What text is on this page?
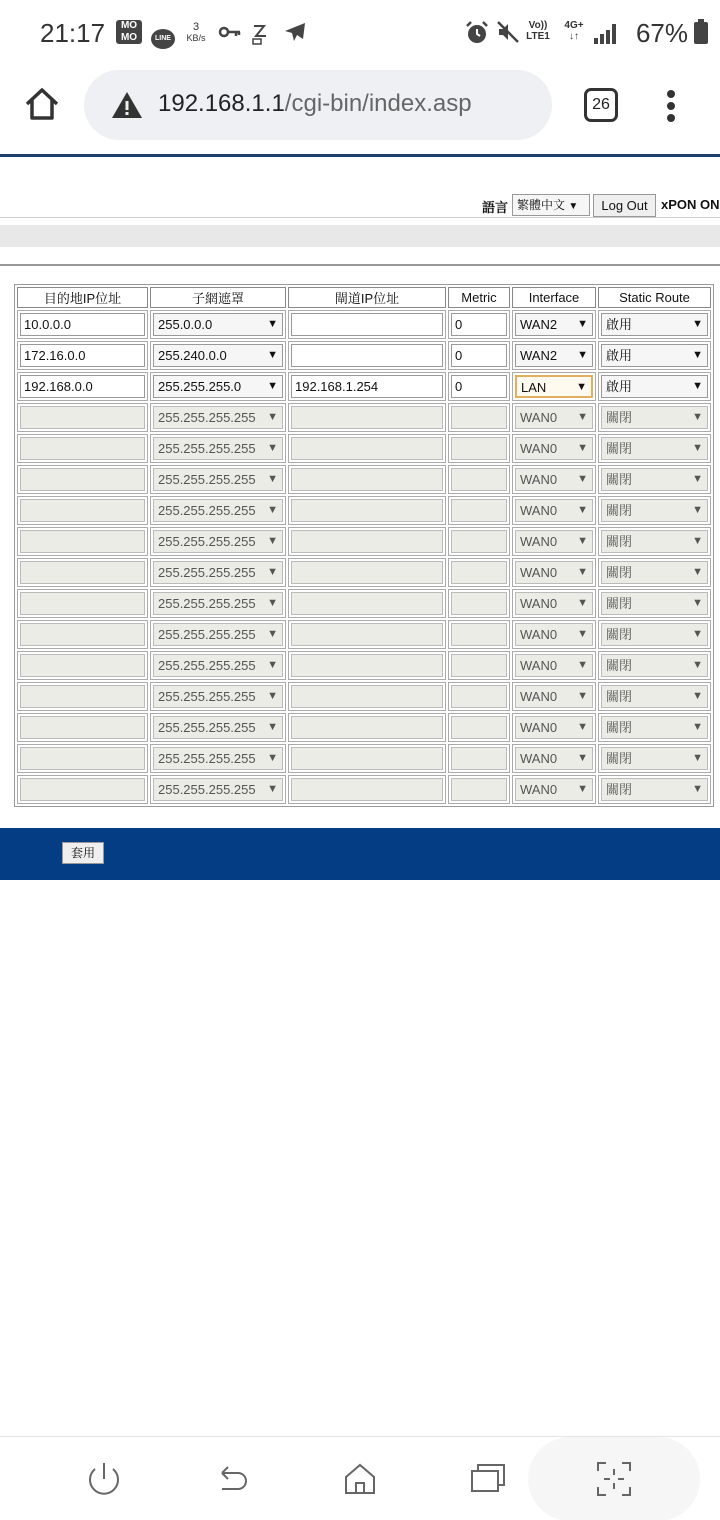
21:17	MO
MO	LINE
3
KB/s
Vo))
LTE1
4G+
↓↑	67%
192.168.1.1/cgi-bin/index.asp	26
語言 繁體中文 ▼	Log Out	xPON ON
目的地IP位址	子網遮罩	閘道IP位址	Metric	Interface	Static Route

10.0.0.0	255.0.0.0 ▼		0	WAN2 ▼	啟用 ▼

172.16.0.0	255.240.0.0 ▼		0	WAN2 ▼	啟用 ▼

192.168.0.0	255.255.255.0 ▼	192.168.1.254	0	LAN ▼	啟用 ▼

	255.255.255.255 ▼			WAN0 ▼	關閉 ▼

	255.255.255.255 ▼			WAN0 ▼	關閉 ▼

	255.255.255.255 ▼			WAN0 ▼	關閉 ▼

	255.255.255.255 ▼			WAN0 ▼	關閉 ▼

	255.255.255.255 ▼			WAN0 ▼	關閉 ▼

	255.255.255.255 ▼			WAN0 ▼	關閉 ▼

	255.255.255.255 ▼			WAN0 ▼	關閉 ▼

	255.255.255.255 ▼			WAN0 ▼	關閉 ▼

	255.255.255.255 ▼			WAN0 ▼	關閉 ▼

	255.255.255.255 ▼			WAN0 ▼	關閉 ▼

	255.255.255.255 ▼			WAN0 ▼	關閉 ▼

	255.255.255.255 ▼			WAN0 ▼	關閉 ▼

	255.255.255.255 ▼			WAN0 ▼	關閉 ▼
套用
